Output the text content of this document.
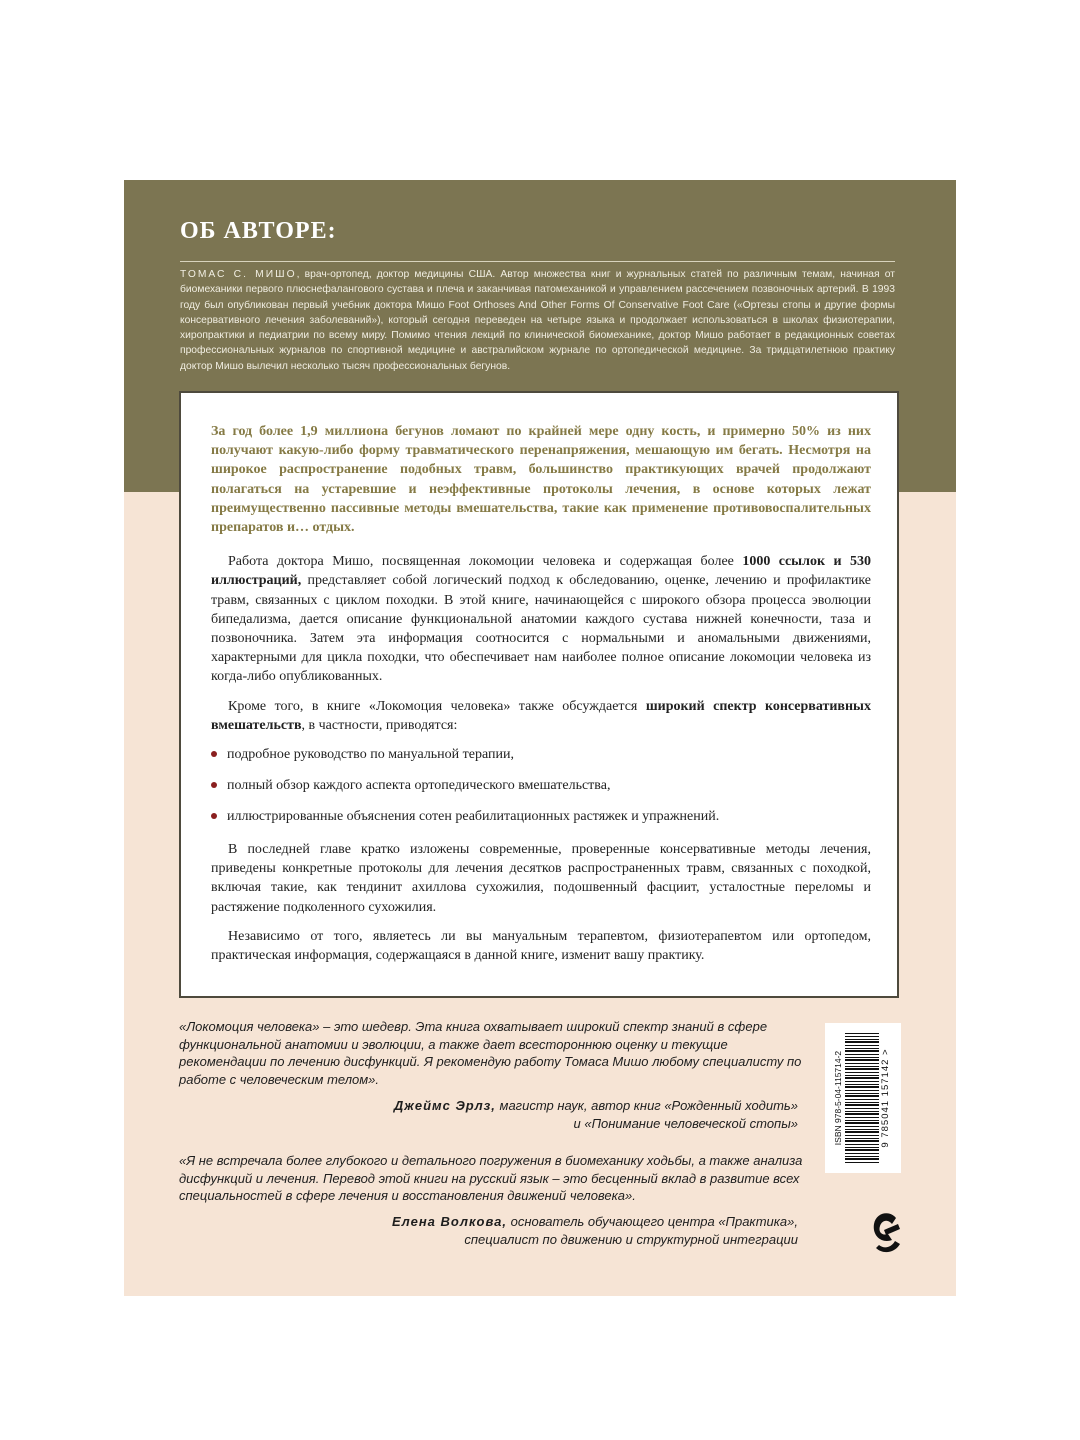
ОБ АВТОРЕ:

ТОМАС С. МИШО, врач-ортопед, доктор медицины США. Автор множества книг и журнальных статей по различным темам, начиная от биомеханики первого плюснефалангового сустава и плеча и заканчивая патомеханикой и управлением рассечением позвоночных артерий. В 1993 году был опубликован первый учебник доктора Мишо Foot Orthoses And Other Forms Of Conservative Foot Care («Ортезы стопы и другие формы консервативного лечения заболеваний»), который сегодня переведен на четыре языка и продолжает использоваться в школах физиотерапии, хиропрактики и педиатрии по всему миру. Помимо чтения лекций по клинической биомеханике, доктор Мишо работает в редакционных советах профессиональных журналов по спортивной медицине и австралийском журнале по ортопедической медицине. За тридцатилетнюю практику доктор Мишо вылечил несколько тысяч профессиональных бегунов.

За год более 1,9 миллиона бегунов ломают по крайней мере одну кость, и примерно 50% из них получают какую-либо форму травматического перенапряжения, мешающую им бегать. Несмотря на широкое распространение подобных травм, большинство практикующих врачей продолжают полагаться на устаревшие и неэффективные протоколы лечения, в основе которых лежат преимущественно пассивные методы вмешательства, такие как применение противовоспалительных препаратов и… отдых.

Работа доктора Мишо, посвященная локомоции человека и содержащая более 1000 ссылок и 530 иллюстраций, представляет собой логический подход к обследованию, оценке, лечению и профилактике травм, связанных с циклом походки. В этой книге, начинающейся с широкого обзора процесса эволюции бипедализма, дается описание функциональной анатомии каждого сустава нижней конечности, таза и позвоночника. Затем эта информация соотносится с нормальными и аномальными движениями, характерными для цикла походки, что обеспечивает нам наиболее полное описание локомоции человека из когда-либо опубликованных.

Кроме того, в книге «Локомоция человека» также обсуждается широкий спектр консервативных вмешательств, в частности, приводятся:

подробное руководство по мануальной терапии,
полный обзор каждого аспекта ортопедического вмешательства,
иллюстрированные объяснения сотен реабилитационных растяжек и упражнений.

В последней главе кратко изложены современные, проверенные консервативные методы лечения, приведены конкретные протоколы для лечения десятков распространенных травм, связанных с походкой, включая такие, как тендинит ахиллова сухожилия, подошвенный фасциит, усталостные переломы и растяжение подколенного сухожилия.

Независимо от того, являетесь ли вы мануальным терапевтом, физиотерапевтом или ортопедом, практическая информация, содержащаяся в данной книге, изменит вашу практику.

«Локомоция человека» – это шедевр. Эта книга охватывает широкий спектр знаний в сфере функциональной анатомии и эволюции, а также дает всестороннюю оценку и текущие рекомендации по лечению дисфункций. Я рекомендую работу Томаса Мишо любому специалисту по работе с человеческим телом».

Джеймс Эрлз, магистр наук, автор книг «Рожденный ходить»
и «Понимание человеческой стопы»

«Я не встречала более глубокого и детального погружения в биомеханику ходьбы, а также анализа дисфункций и лечения. Перевод этой книги на русский язык – это бесценный вклад в развитие всех специальностей в сфере лечения и восстановления движений человека».

Елена Волкова, основатель обучающего центра «Практика»,
специалист по движению и структурной интеграции

ISBN 978-5-04-115714-2	9 785041 157142 >
